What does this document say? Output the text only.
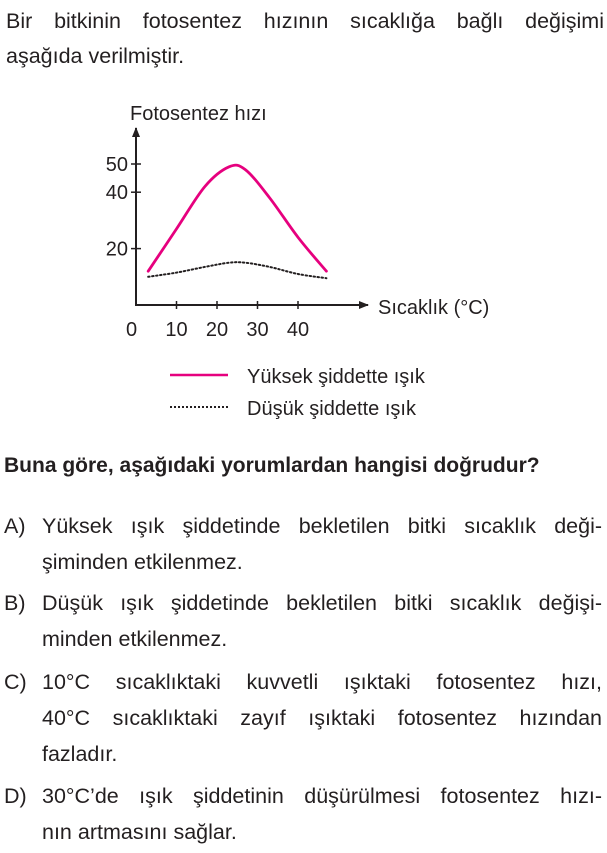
Bir bitkinin fotosentez hızının sıcaklığa bağlı değişimi
aşağıda verilmiştir.
Fotosentez hızı
Sıcaklık (°C)
0 10 20 30 40
20
40
50
Yüksek şiddette ışık
Düşük şiddette ışık
Buna göre, aşağıdaki yorumlardan hangisi doğrudur?
A) Yüksek ışık şiddetinde bekletilen bitki sıcaklık deği-
şiminden etkilenmez.
B) Düşük ışık şiddetinde bekletilen bitki sıcaklık değişi-
minden etkilenmez.
C) 10°C sıcaklıktaki kuvvetli ışıktaki fotosentez hızı,
40°C sıcaklıktaki zayıf ışıktaki fotosentez hızından
fazladır.
D) 30°C’de ışık şiddetinin düşürülmesi fotosentez hızı-
nın artmasını sağlar.
